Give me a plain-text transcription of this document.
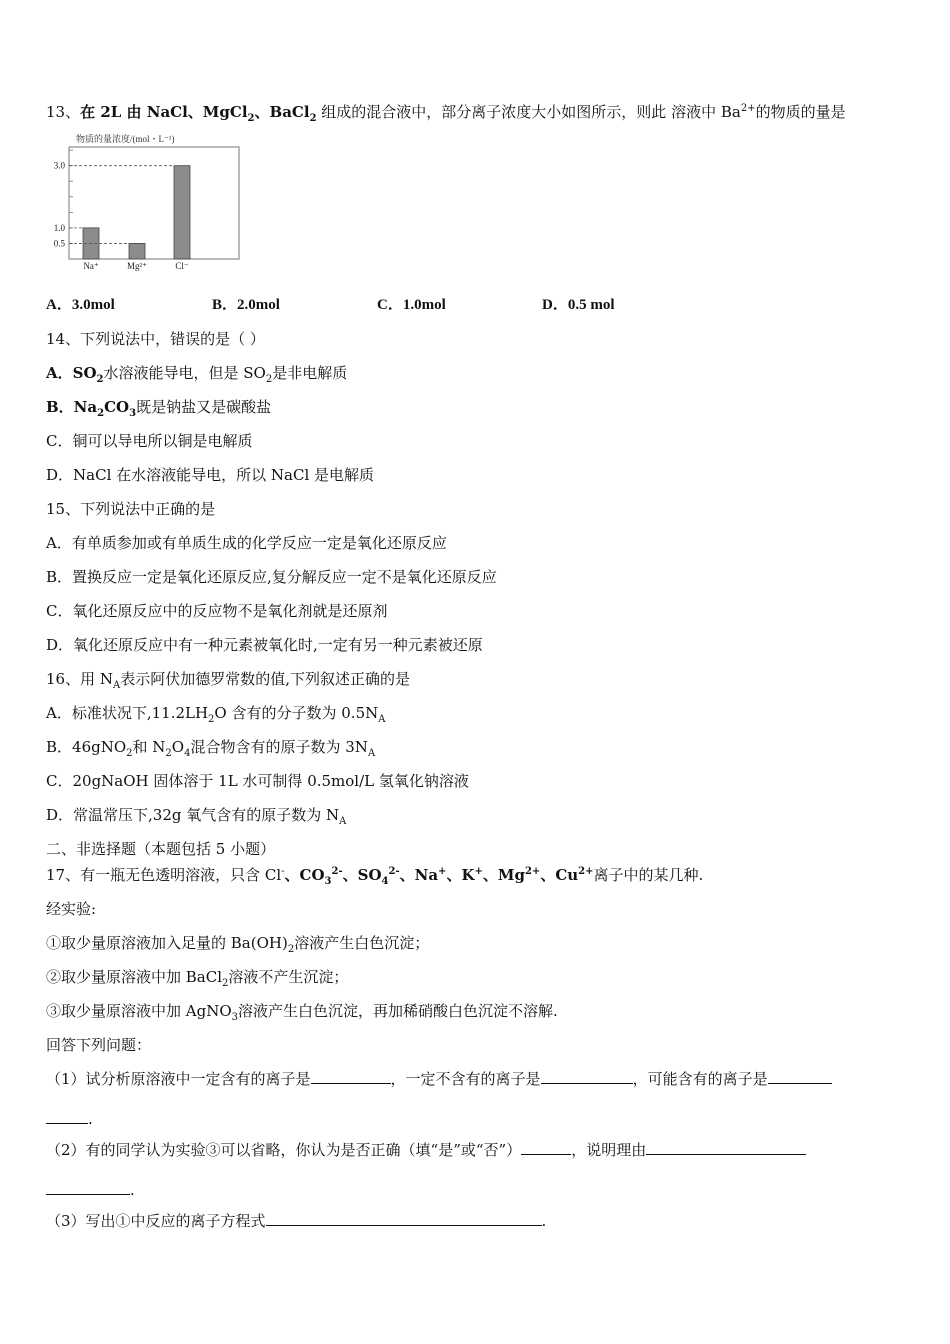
13、在 2L 由 NaCl、MgCl$_2$、BaCl$_2$ 组成的混合液中，部分离子浓度大小如图所示，则此 溶液中 $Ba^{2+}$的物质的量是
物质的量浓度/(mol・L⁻¹)
Na⁺	Mg²⁺	Cl⁻
3.0
1.0
0.5
A．3.0mol	B．2.0mol	C．1.0mol	D．0.5 mol
14、下列说法中，错误的是（ ）
A．$SO_2$水溶液能导电，但是 $SO_2$是非电解质
B．$Na_2CO_3$既是钠盐又是碳酸盐
C．铜可以导电所以铜是电解质
D．NaCl 在水溶液能导电，所以 NaCl 是电解质
15、下列说法中正确的是
A．有单质参加或有单质生成的化学反应一定是氧化还原反应
B．置换反应一定是氧化还原反应,复分解反应一定不是氧化还原反应
C．氧化还原反应中的反应物不是氧化剂就是还原剂
D．氧化还原反应中有一种元素被氧化时,一定有另一种元素被还原
16、用 $N_A$表示阿伏加德罗常数的值,下列叙述正确的是
A．标准状况下$,11.2LH_2O$ 含有的分子数为 $0.5N_A$
B．46gNO$_2$和 $N_2O_4$混合物含有的原子数为 $3N_A$
C．20gNaOH 固体溶于 1L 水可制得 0.5mol/L 氢氧化钠溶液
D．常温常压下,32g 氧气含有的原子数为 $N_A$
二、非选择题（本题包括 5 小题）
17、有一瓶无色透明溶液，只含 Cl-、$CO_3^{2-}$、$SO_4^{2-}$、Na+、K+、$Mg^{2+}$、$Cu^{2+}$离子中的某几种.
经实验:
①取少量原溶液加入足量的 $Ba(OH)_2$溶液产生白色沉淀；
②取少量原溶液中加 BaCl$_2$溶液不产生沉淀；
③取少量原溶液中加 AgNO$_3$溶液产生白色沉淀，再加稀硝酸白色沉淀不溶解.
回答下列问题：
（1）试分析原溶液中一定含有的离子是	，一定不含有的离子是	，可能含有的离子是
.
（2）有的同学认为实验③可以省略，你认为是否正确（填“是”或“否”）	，说明理由
.
（3）写出①中反应的离子方程式	.
